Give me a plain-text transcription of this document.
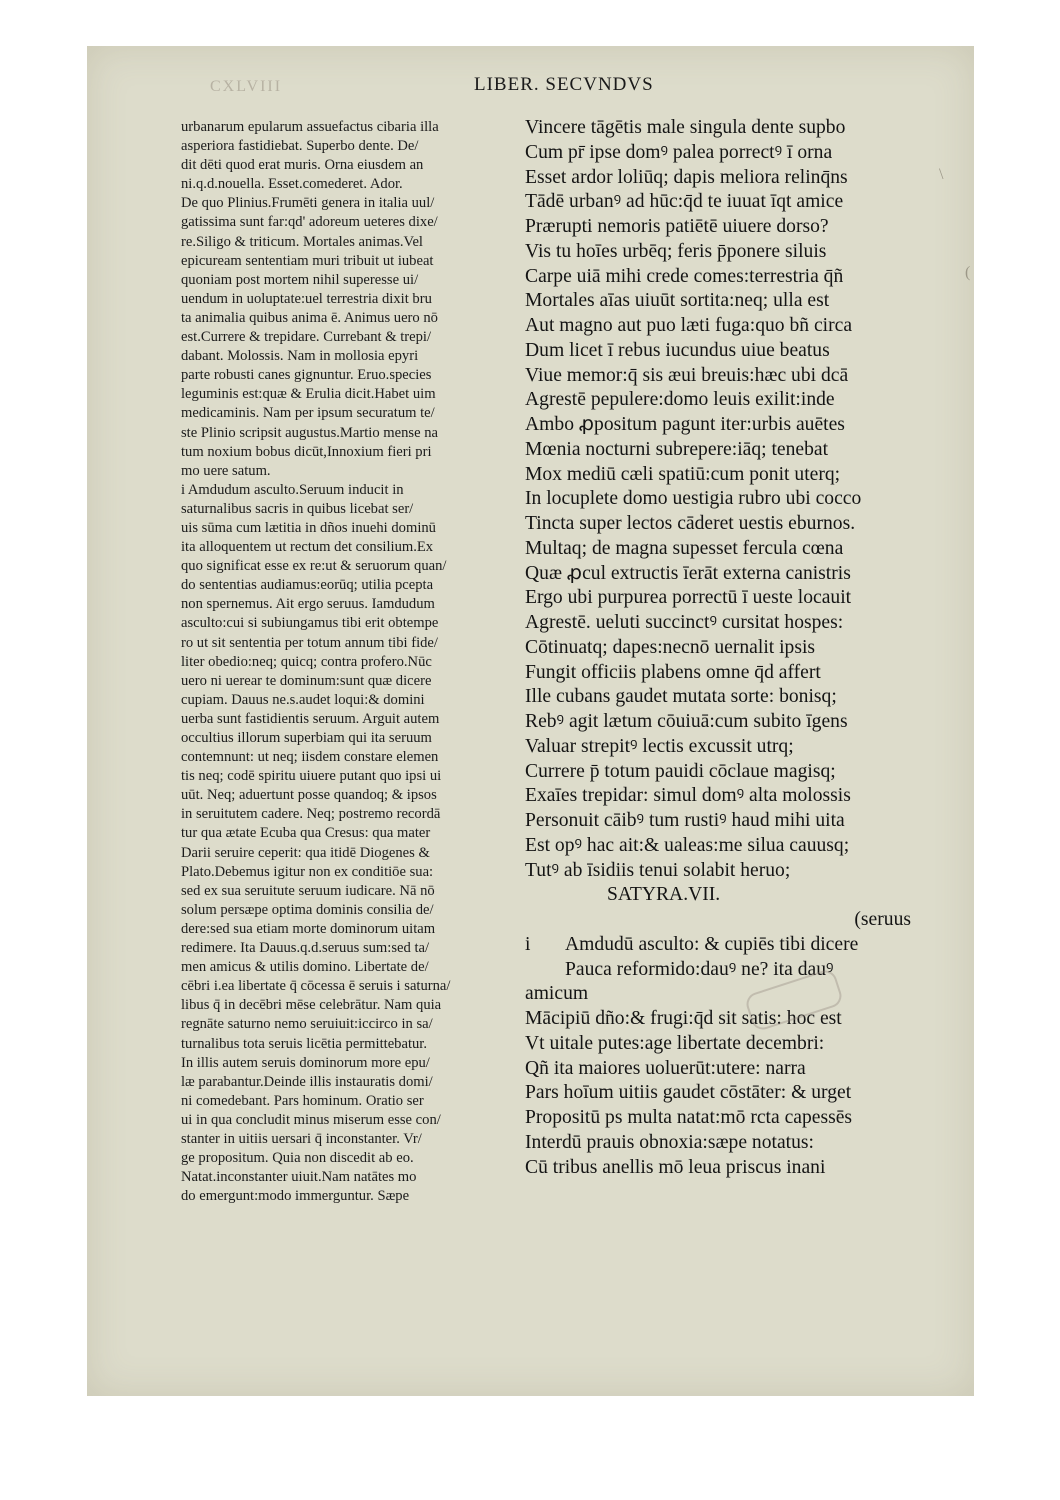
CXLVIII	LIBER. SECVNDVS
urbanarum epularum assuefactus cibaria illa
asperiora fastidiebat. Superbo dente. De/
dit dēti quod erat muris. Orna eiusdem an
ni.q.d.nouella. Esset.comederet. Ador.
De quo Plinius.Frumēti genera in italia uul/
gatissima sunt far:qd' adoreum ueteres dixe/
re.Siligo & triticum. Mortales animas.Vel
epicuream sententiam muri tribuit ut iubeat
quoniam post mortem nihil superesse ui/
uendum in uoluptate:uel terrestria dixit bru
ta animalia quibus anima ē. Animus uero nō
est.Currere & trepidare. Currebant & trepi/
dabant. Molossis. Nam in mollosia epyri
parte robusti canes gignuntur. Eruo.species
leguminis est:quæ & Erulia dicit.Habet uim
medicaminis. Nam per ipsum securatum te/
ste Plinio scripsit augustus.Martio mense na
tum noxium bobus dicūt,Innoxium fieri pri
mo uere satum.
i Amdudum asculto.Seruum inducit in
saturnalibus sacris in quibus licebat ser/
uis sūma cum lætitia in dños inuehi dominū
ita alloquentem ut rectum det consilium.Ex
quo significat esse ex re:ut & seruorum quan/
do sententias audiamus:eorūq; utilia pcepta
non spernemus. Ait ergo seruus. Iamdudum
asculto:cui si subiungamus tibi erit obtempe
ro ut sit sententia per totum annum tibi fide/
liter obedio:neq; quicq; contra profero.Nūc
uero ni uerear te dominum:sunt quæ dicere
cupiam. Dauus ne.s.audet loqui:& domini
uerba sunt fastidientis seruum. Arguit autem
occultius illorum superbiam qui ita seruum
contemnunt: ut neq; iisdem constare elemen
tis neq; codē spiritu uiuere putant quo ipsi ui
uūt. Neq; aduertunt posse quandoq; & ipsos
in seruitutem cadere. Neq; postremo recordā
tur qua ætate Ecuba qua Cresus: qua mater
Darii seruire ceperit: qua itidē Diogenes &
Plato.Debemus igitur non ex conditiōe sua:
sed ex sua seruitute seruum iudicare. Nā nō
solum persæpe optima dominis consilia de/
dere:sed sua etiam morte dominorum uitam
redimere. Ita Dauus.q.d.seruus sum:sed ta/
men amicus & utilis domino. Libertate de/
cēbri i.ea libertate q̄ cōcessa ē seruis i saturna/
libus q̄ in decēbri mēse celebrātur. Nam quia
regnāte saturno nemo seruiuit:iccirco in sa/
turnalibus tota seruis licētia permittebatur.
In illis autem seruis dominorum more epu/
læ parabantur.Deinde illis instauratis domi/
ni comedebant. Pars hominum. Oratio ser
ui in qua concludit minus miserum esse con/
stanter in uitiis uersari q̄ inconstanter. Vr/
ge propositum. Quia non discedit ab eo.
Natat.inconstanter uiuit.Nam natātes mo
do emergunt:modo immerguntur. Sæpe
Vincere tāgētis male singula dente supbo
Cum pr̄ ipse domꝰ palea porrectꝰ ī orna
Esset ardor loliūq; dapis meliora relinq̄ns
Tādē urbanꝰ ad hūc:q̄d te iuuat īqt amice
Prærupti nemoris patiētē uiuere dorso?
Vis tu hoīes urbēq; feris p̄ponere siluis
Carpe uiā mihi crede comes:terrestria q̄ñ
Mortales aīas uiuūt sortita:neq; ulla est
Aut magno aut puo læti fuga:quo bñ circa
Dum licet ī rebus iucundus uiue beatus
Viue memor:q̄ sis æui breuis:hæc ubi dcā
Agrestē pepulere:domo leuis exilit:inde
Ambo ꝓpositum pagunt iter:urbis auētes
Mœnia nocturni subrepere:iāq; tenebat
Mox mediū cæli spatiū:cum ponit uterq;
In locuplete domo uestigia rubro ubi cocco
Tincta super lectos cāderet uestis eburnos.
Multaq; de magna supesset fercula cœna
Quæ ꝓcul extructis īerāt externa canistris
Ergo ubi purpurea porrectū ī ueste locauit
Agrestē. ueluti succinctꝰ cursitat hospes:
Cōtinuatq; dapes:necnō uernalit ipsis
Fungit officiis plabens omne q̄d affert
Ille cubans gaudet mutata sorte: bonisq;
Rebꝰ agit lætum cōuiuā:cum subito īgens
Valuar strepitꝰ lectis excussit utrq;
Currere p̄ totum pauidi cōclaue magisq;
Exaīes trepidar: simul domꝰ alta molossis
Personuit cāibꝰ tum rustiꝰ haud mihi uita
Est opꝰ hac ait:& ualeas:me silua cauusq;
Tutꝰ ab īsidiis tenui solabit heruo;
SATYRA.VII.
(seruus
i Amdudū asculto: & cupiēs tibi dicere
Pauca reformido:dauꝰ ne? ita dauꝰ
amicum
Mācipiū dño:& frugi:q̄d sit satis: hoc est
Vt uitale putes:age libertate decembri:
Qñ ita maiores uoluerūt:utere: narra
Pars hoīum uitiis gaudet cōstāter: & urget
Propositū ps multa natat:mō rcta capessēs
Interdū prauis obnoxia:sæpe notatus:
Cū tribus anellis mō leua priscus inani
\
(
